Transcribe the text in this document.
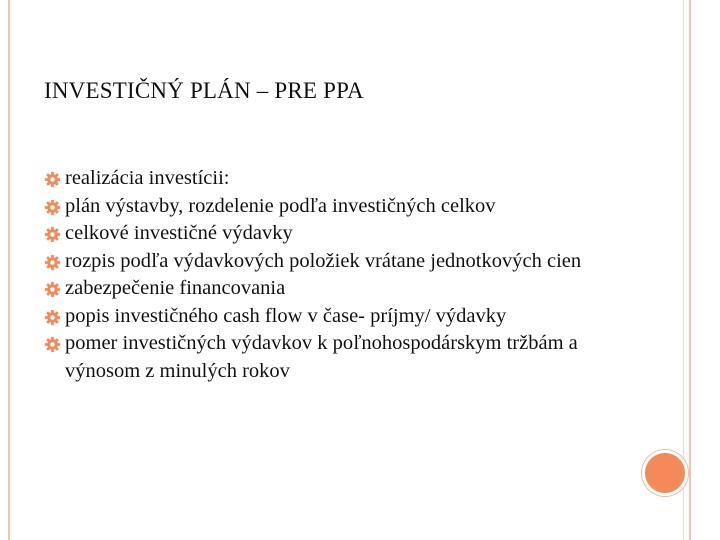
INVESTIČNÝ PLÁN – PRE PPA
realizácia investícii:
plán výstavby, rozdelenie podľa investičných celkov
celkové investičné výdavky
rozpis podľa výdavkových položiek vrátane jednotkových cien
zabezpečenie financovania
popis investičného cash flow v čase- príjmy/ výdavky
pomer investičných výdavkov k poľnohospodárskym tržbám a výnosom z minulých rokov
